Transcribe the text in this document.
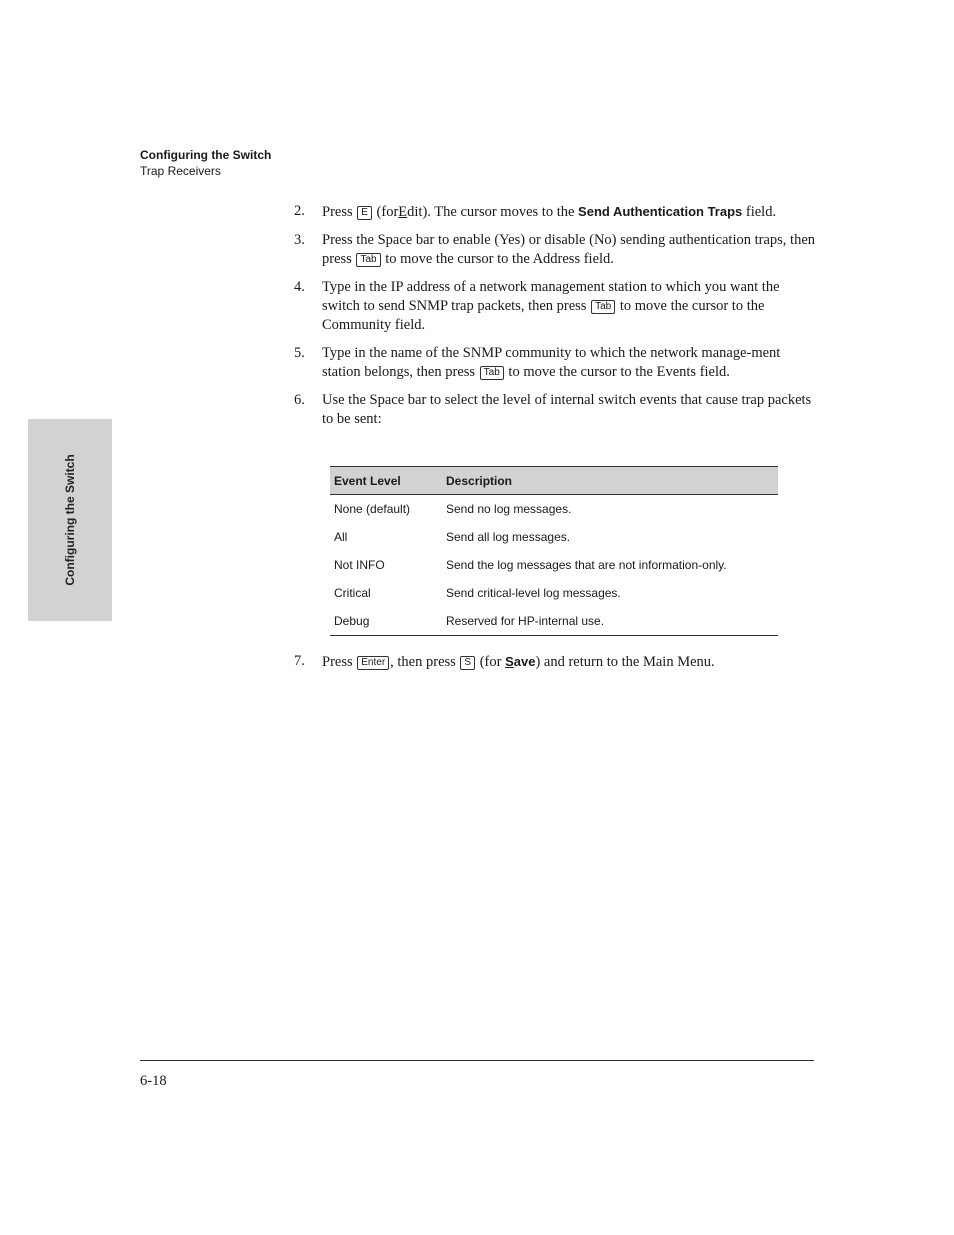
Configuring the Switch
Trap Receivers
Configuring the Switch
2.	Press E (forEdit). The cursor moves to the Send Authentication Traps field.
3.	Press the Space bar to enable (Yes) or disable (No) sending authentication traps, then press Tab to move the cursor to the Address field.
4.	Type in the IP address of a network management station to which you want the switch to send SNMP trap packets, then press Tab to move the cursor to the Community field.
5.	Type in the name of the SNMP community to which the network manage-ment station belongs, then press Tab to move the cursor to the Events field.
6.	Use the Space bar to select the level of internal switch events that cause trap packets to be sent:
Event Level	Description
None (default)	Send no log messages.
All	Send all log messages.
Not INFO	Send the log messages that are not information-only.
Critical	Send critical-level log messages.
Debug	Reserved for HP-internal use.
7.	Press Enter , then press S (for Save) and return to the Main Menu.
6-18
